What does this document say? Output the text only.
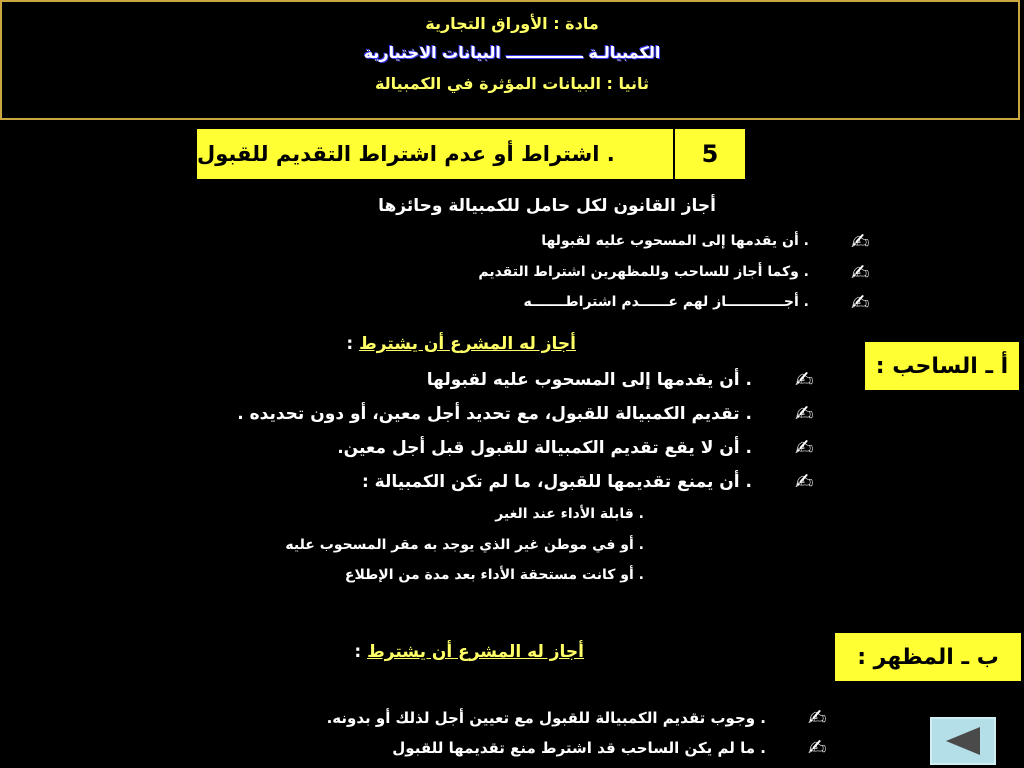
مادة : الأوراق التجارية
الكمبيالـة ــــــــــــــ البيانات الاختيارية
ثانيا : البيانات المؤثرة في الكمبيالة
. اشتراط أو عدم اشتراط التقديم للقبول	5
أجاز القانون لكل حامل للكمبيالة وحائزها
. أن يقدمها إلى المسحوب عليه لقبولها
. وكما أجاز للساحب وللمظهرين اشتراط التقديم
. أجــــــــــــاز لهم عــــــدم اشتراطـــــــه
✍
✍
✍
أ ـ الساحب :
أجاز له المشرع أن يشترط :
. أن يقدمها إلى المسحوب عليه لقبولها
. تقديم الكمبيالة للقبول، مع تحديد أجل معين، أو دون تحديده .
. أن لا يقع تقديم الكمبيالة للقبول قبل أجل معين.
. أن يمنع تقديمها للقبول، ما لم تكن الكمبيالة :
✍
✍
✍
✍
. قابلة الأداء عند الغير
. أو في موطن غير الذي يوجد به مقر المسحوب عليه
. أو كانت مستحقة الأداء بعد مدة من الإطلاع
ب ـ المظهر :
أجاز له المشرع أن يشترط :
. وجوب تقديم الكمبيالة للقبول مع تعيين أجل لذلك أو بدونه.
. ما لم يكن الساحب قد اشترط منع تقديمها للقبول
✍
✍
